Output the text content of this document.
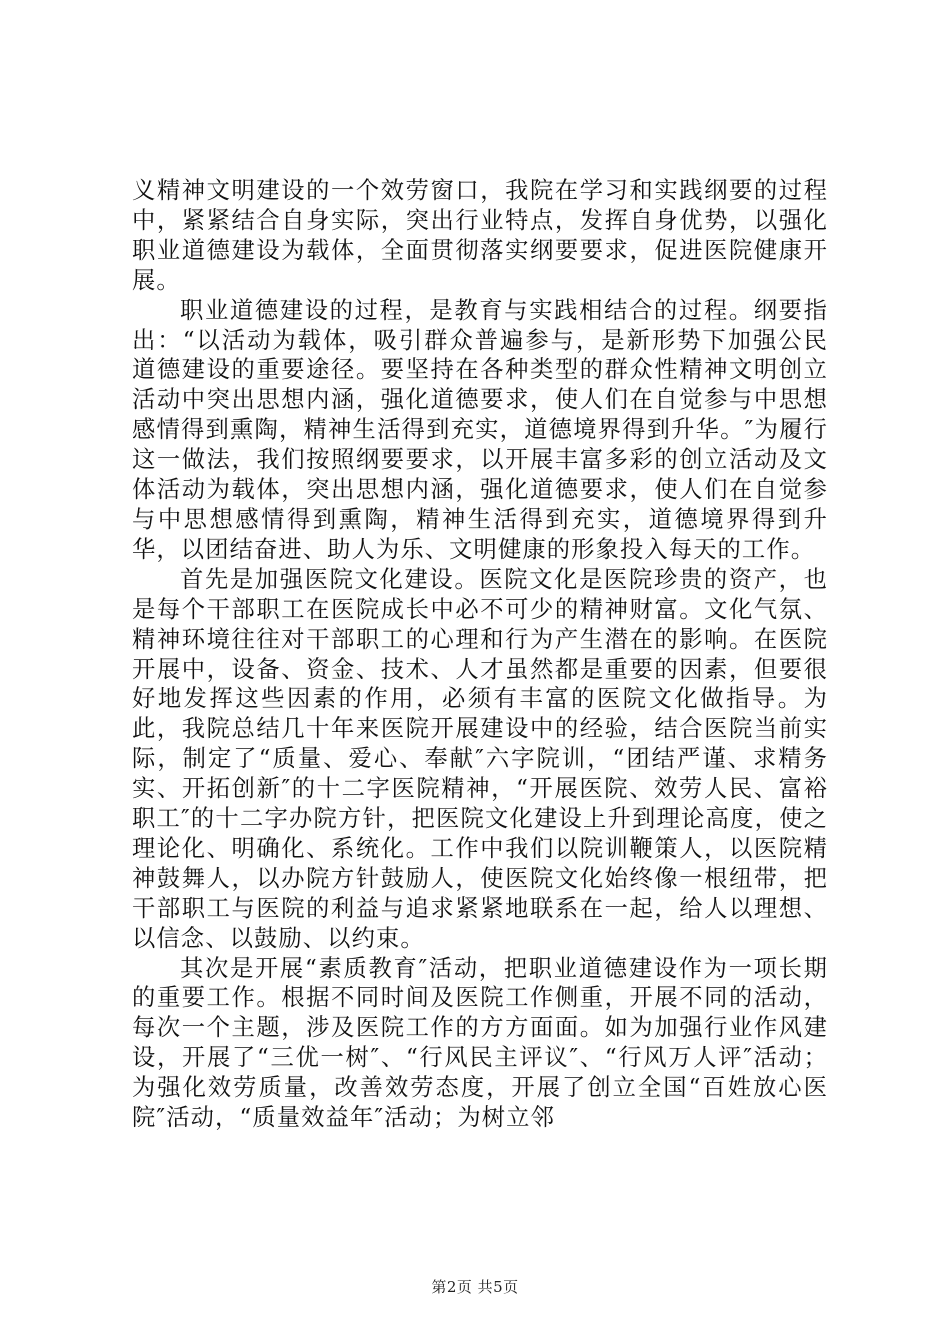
义精神文明建设的一个效劳窗口，我院在学习和实践纲要的过程中，紧紧结合自身实际，突出行业特点，发挥自身优势，以强化职业道德建设为载体，全面贯彻落实纲要要求，促进医院健康开展。

职业道德建设的过程，是教育与实践相结合的过程。纲要指出：“以活动为载体，吸引群众普遍参与，是新形势下加强公民道德建设的重要途径。要坚持在各种类型的群众性精神文明创立活动中突出思想内涵，强化道德要求，使人们在自觉参与中思想感情得到熏陶，精神生活得到充实，道德境界得到升华。″为履行这一做法，我们按照纲要要求，以开展丰富多彩的创立活动及文体活动为载体，突出思想内涵，强化道德要求，使人们在自觉参与中思想感情得到熏陶，精神生活得到充实，道德境界得到升华，以团结奋进、助人为乐、文明健康的形象投入每天的工作。

首先是加强医院文化建设。医院文化是医院珍贵的资产，也是每个干部职工在医院成长中必不可少的精神财富。文化气氛、精神环境往往对干部职工的心理和行为产生潜在的影响。在医院开展中，设备、资金、技术、人才虽然都是重要的因素，但要很好地发挥这些因素的作用，必须有丰富的医院文化做指导。为此，我院总结几十年来医院开展建设中的经验，结合医院当前实际，制定了“质量、爱心、奉献″六字院训，“团结严谨、求精务实、开拓创新″的十二字医院精神，“开展医院、效劳人民、富裕职工″的十二字办院方针，把医院文化建设上升到理论高度，使之理论化、明确化、系统化。工作中我们以院训鞭策人，以医院精神鼓舞人，以办院方针鼓励人，使医院文化始终像一根纽带，把干部职工与医院的利益与追求紧紧地联系在一起，给人以理想、以信念、以鼓励、以约束。

其次是开展“素质教育″活动，把职业道德建设作为一项长期的重要工作。根据不同时间及医院工作侧重，开展不同的活动，每次一个主题，涉及医院工作的方方面面。如为加强行业作风建设，开展了“三优一树″、“行风民主评议″、“行风万人评″活动；为强化效劳质量，改善效劳态度，开展了创立全国“百姓放心医院″活动，“质量效益年″活动；为树立邻

第2页 共5页
